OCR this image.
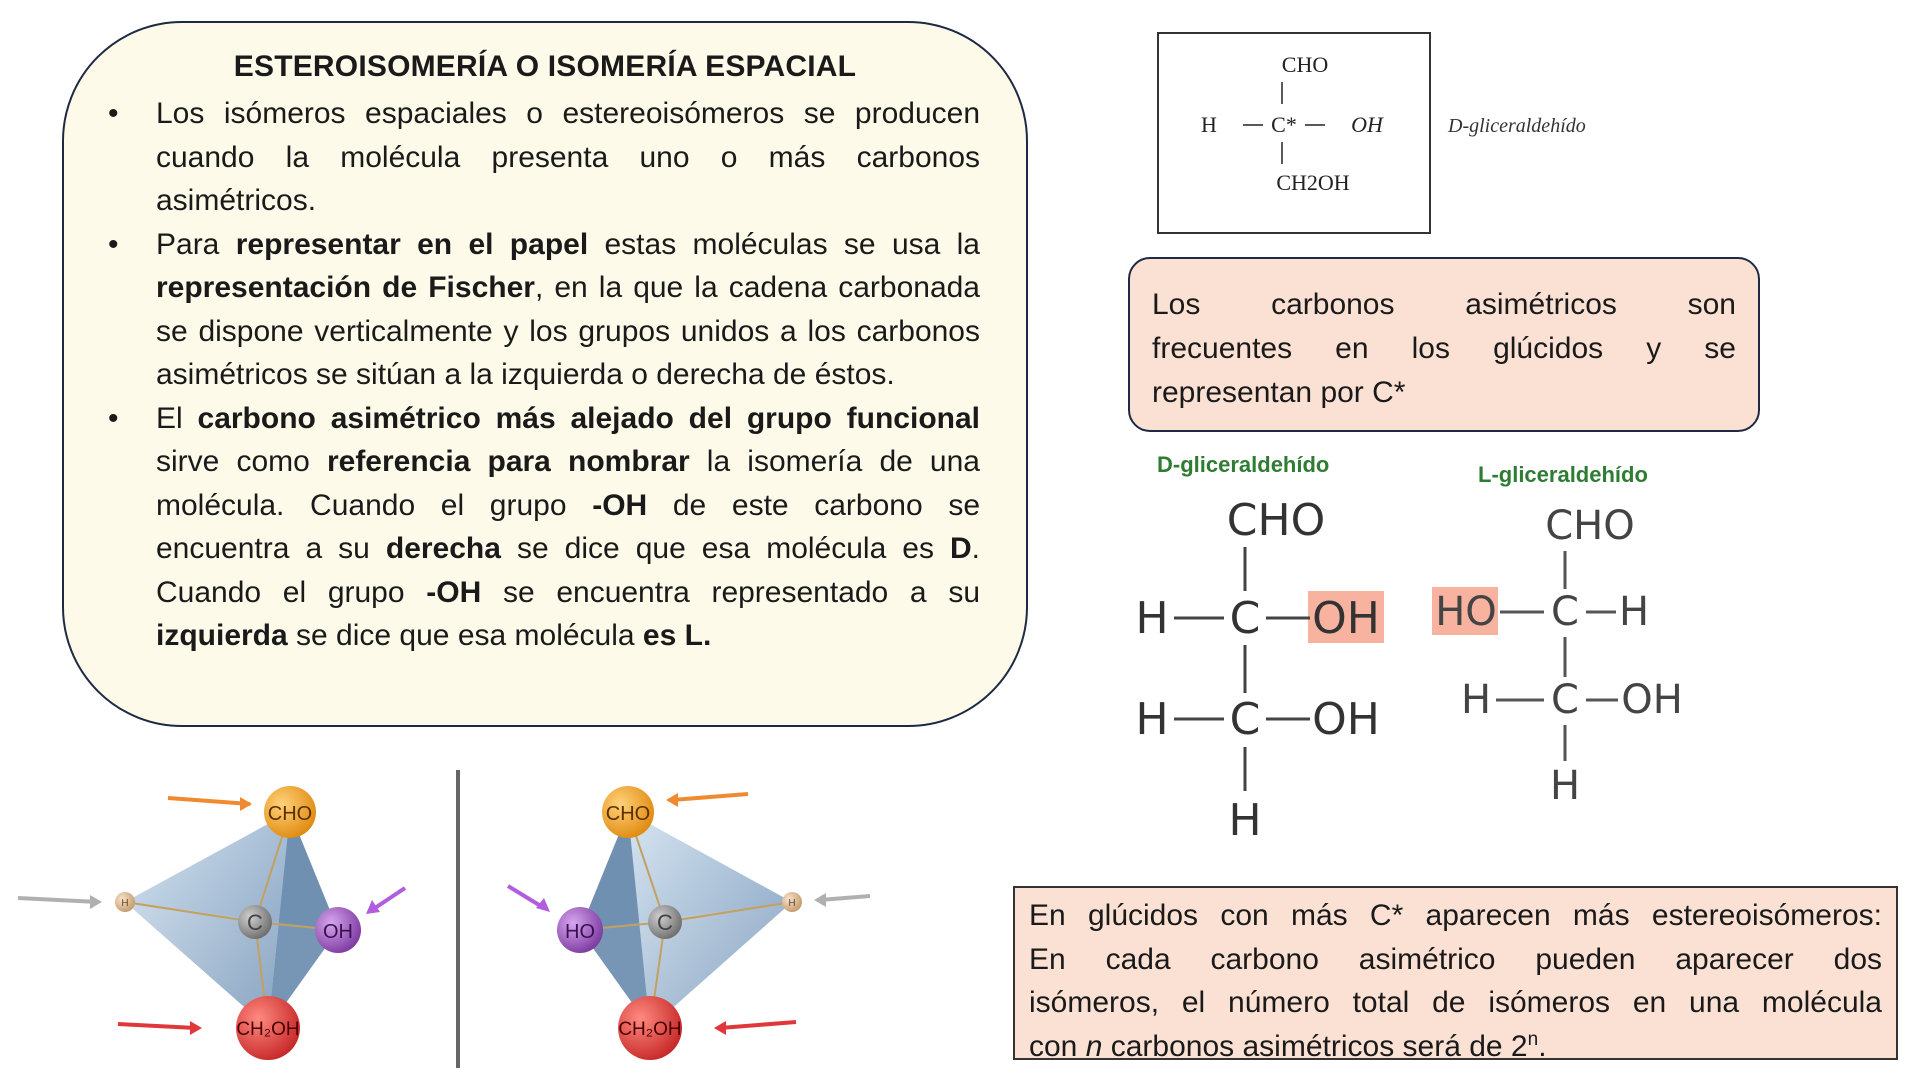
ESTEROISOMERÍA O ISOMERÍA ESPACIAL
•	Los isómeros espaciales o estereoisómeros se producen cuando la molécula presenta uno o más carbonos asimétricos.
•	Para representar en el papel estas moléculas se usa la representación de Fischer, en la que la cadena carbonada se dispone verticalmente y los grupos unidos a los carbonos asimétricos se sitúan a la izquierda o derecha de éstos.
•	El carbono asimétrico más alejado del grupo funcional sirve como referencia para nombrar la isomería de una molécula. Cuando el grupo -OH de este carbono se encuentra a su derecha se dice que esa molécula es D. Cuando el grupo -OH se encuentra representado a su izquierda se dice que esa molécula es L.
CHO
H C* OH
CH2OH
D-gliceraldehído
Los carbonos asimétricos son
frecuentes en los glúcidos y se
representan por C*
D-gliceraldehído	L-gliceraldehído
CHO
H C OH
H C OH
H
CHO
HO C H
H C OH
H
C
CHO
H
OH
CH₂OH
C
CHO
H
HO
CH₂OH
En glúcidos con más C* aparecen más estereoisómeros:
En cada carbono asimétrico pueden aparecer dos
isómeros, el número total de isómeros en una molécula
con n carbonos asimétricos será de 2$^n$.
